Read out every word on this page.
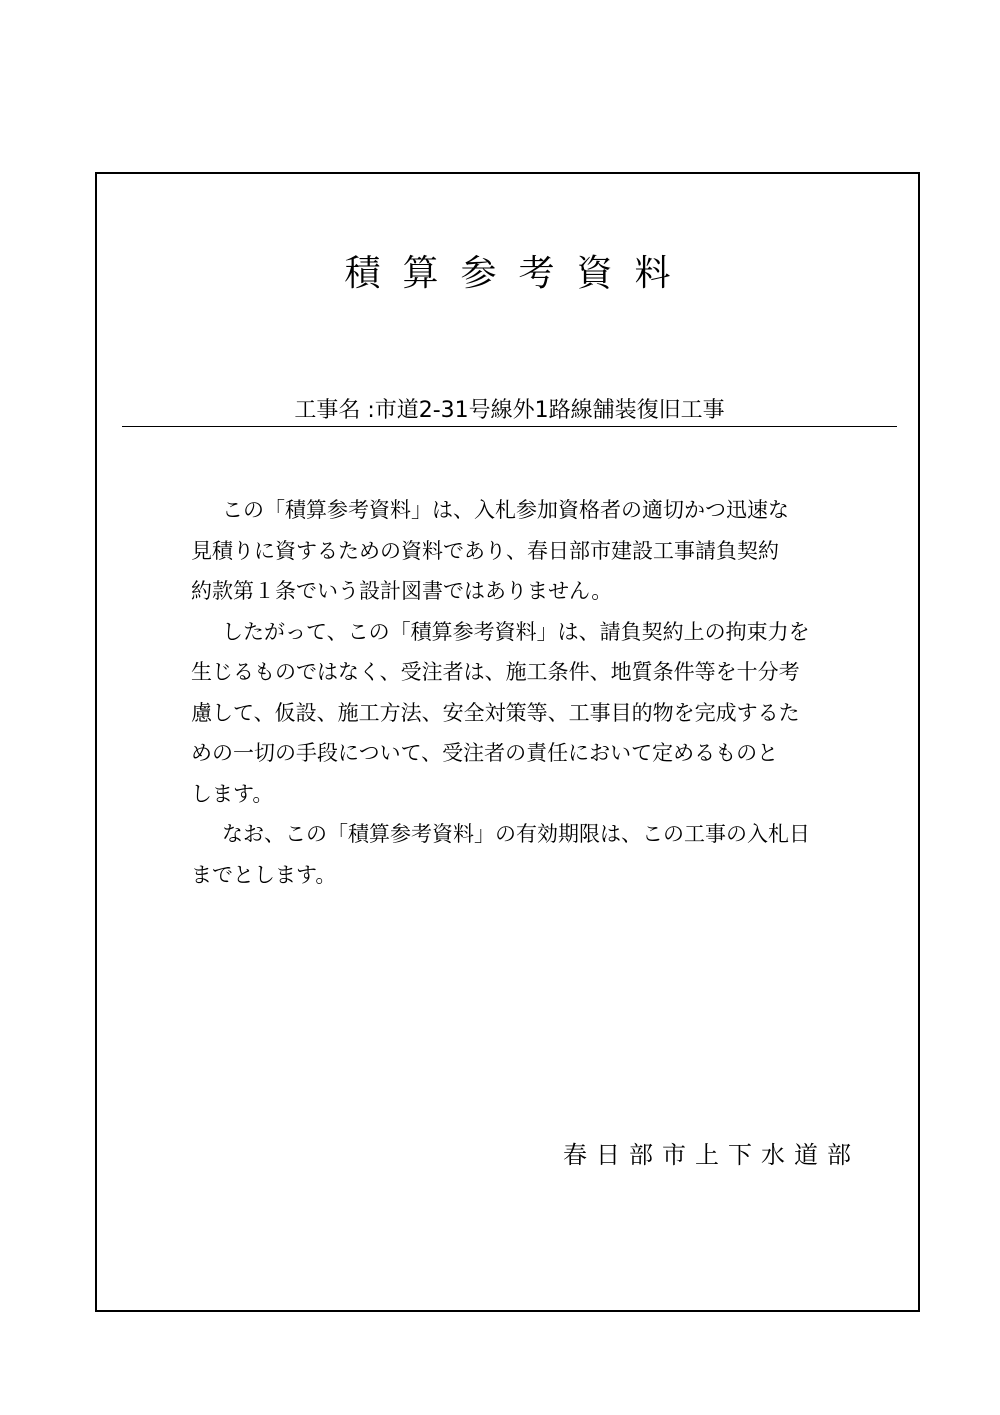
積算参考資料
工事名 :市道2-31号線外1路線舗装復旧工事
この「積算参考資料」は、入札参加資格者の適切かつ迅速な
見積りに資するための資料であり、春日部市建設工事請負契約
約款第１条でいう設計図書ではありません。
したがって、この「積算参考資料」は、請負契約上の拘束力を
生じるものではなく、受注者は、施工条件、地質条件等を十分考
慮して、仮設、施工方法、安全対策等、工事目的物を完成するた
めの一切の手段について、受注者の責任において定めるものと
します。
なお、この「積算参考資料」の有効期限は、この工事の入札日
までとします。
春日部市上下水道部
